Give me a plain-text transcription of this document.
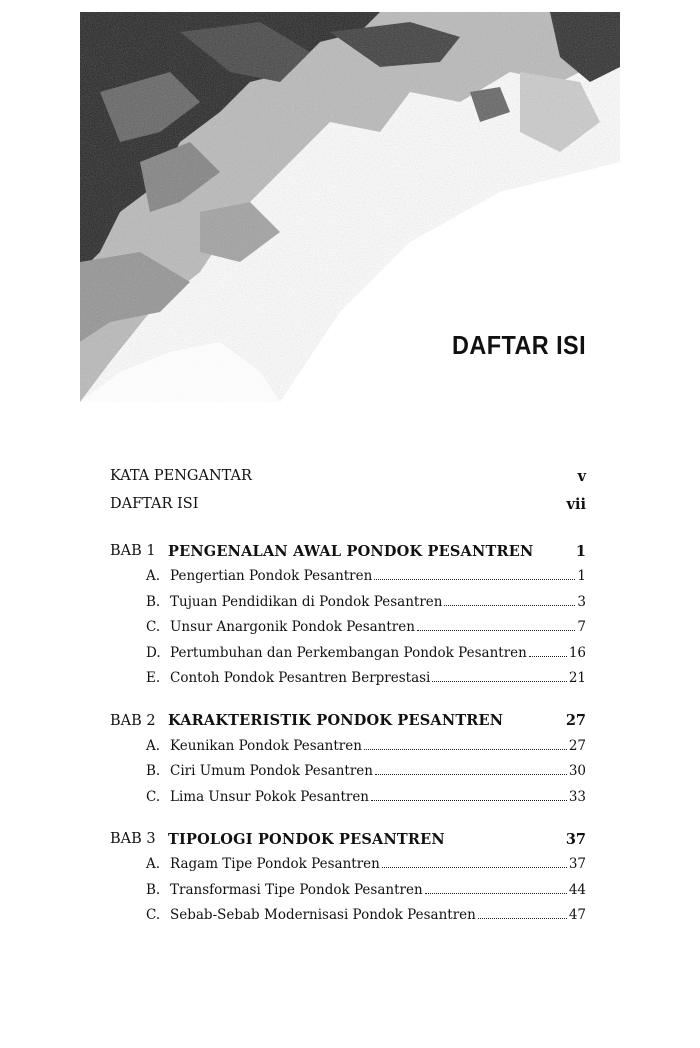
DAFTAR ISI
KATA PENGANTAR	v
DAFTAR ISI	vii
BAB 1 PENGENALAN AWAL PONDOK PESANTREN	1
A. Pengertian Pondok Pesantren	1
B. Tujuan Pendidikan di Pondok Pesantren	3
C. Unsur Anargonik Pondok Pesantren	7
D. Pertumbuhan dan Perkembangan Pondok Pesantren	16
E. Contoh Pondok Pesantren Berprestasi	21
BAB 2 KARAKTERISTIK PONDOK PESANTREN	27
A. Keunikan Pondok Pesantren	27
B. Ciri Umum Pondok Pesantren	30
C. Lima Unsur Pokok Pesantren	33
BAB 3 TIPOLOGI PONDOK PESANTREN	37
A. Ragam Tipe Pondok Pesantren	37
B. Transformasi Tipe Pondok Pesantren	44
C. Sebab-Sebab Modernisasi Pondok Pesantren	47
